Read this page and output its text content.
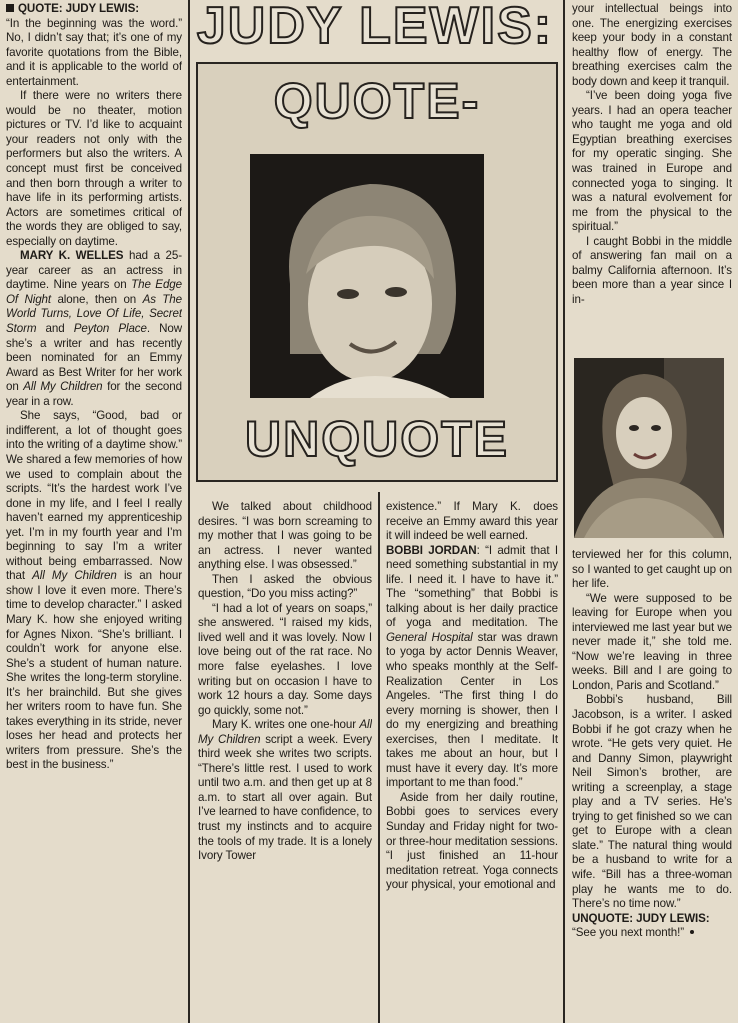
QUOTE: JUDY LEWIS:

“In the beginning was the word.” No, I didn’t say that; it’s one of my favorite quotations from the Bible, and it is applicable to the world of entertainment.

If there were no writers there would be no theater, motion pictures or TV. I’d like to acquaint your readers not only with the performers but also the writers. A concept must first be conceived and then born through a writer to have life in its performing artists. Actors are sometimes critical of the words they are obliged to say, especially on daytime.

MARY K. WELLES had a 25-year career as an actress in daytime. Nine years on The Edge Of Night alone, then on As The World Turns, Love Of Life, Secret Storm and Peyton Place. Now she’s a writer and has recently been nominated for an Emmy Award as Best Writer for her work on All My Children for the second year in a row.

She says, “Good, bad or indifferent, a lot of thought goes into the writing of a daytime show.” We shared a few memories of how we used to complain about the scripts. “It’s the hardest work I’ve done in my life, and I feel I really haven’t earned my apprenticeship yet. I’m in my fourth year and I’m beginning to say I’m a writer without being embarrassed. Now that All My Children is an hour show I love it even more. There’s time to develop character.” I asked Mary K. how she enjoyed writing for Agnes Nixon. “She’s brilliant. I couldn’t work for anyone else. She’s a student of human nature. She writes the long-term storyline. It’s her brainchild. But she gives her writers room to have fun. She takes everything in its stride, never loses her head and protects her writers from pressure. She’s the best in the business.”

JUDY LEWIS:
QUOTE-
UNQUOTE

We talked about childhood desires. “I was born screaming to my mother that I was going to be an actress. I never wanted anything else. I was obsessed.”

Then I asked the obvious question, “Do you miss acting?”

“I had a lot of years on soaps,” she answered. “I raised my kids, lived well and it was lovely. Now I love being out of the rat race. No more false eyelashes. I love writing but on occasion I have to work 12 hours a day. Some days go quickly, some not.”

Mary K. writes one one-hour All My Children script a week. Every third week she writes two scripts. “There’s little rest. I used to work until two a.m. and then get up at 8 a.m. to start all over again. But I’ve learned to have confidence, to trust my instincts and to acquire the tools of my trade. It is a lonely Ivory Tower

existence.” If Mary K. does receive an Emmy award this year it will indeed be well earned.

BOBBI JORDAN: “I admit that I need something substantial in my life. I need it. I have to have it.” The “something” that Bobbi is talking about is her daily practice of yoga and meditation. The General Hospital star was drawn to yoga by actor Dennis Weaver, who speaks monthly at the Self-Realization Center in Los Angeles. “The first thing I do every morning is shower, then I do my energizing and breathing exercises, then I meditate. It takes me about an hour, but I must have it every day. It’s more important to me than food.”

Aside from her daily routine, Bobbi goes to services every Sunday and Friday night for two- or three-hour meditation sessions. “I just finished an 11-hour meditation retreat. Yoga connects your physical, your emotional and

your intellectual beings into one. The energizing exercises keep your body in a constant healthy flow of energy. The breathing exercises calm the body down and keep it tranquil.

“I’ve been doing yoga five years. I had an opera teacher who taught me yoga and old Egyptian breathing exercises for my operatic singing. She was trained in Europe and connected yoga to singing. It was a natural evolvement for me from the physical to the spiritual.”

I caught Bobbi in the middle of answering fan mail on a balmy California afternoon. It’s been more than a year since I in-

terviewed her for this column, so I wanted to get caught up on her life.

“We were supposed to be leaving for Europe when you interviewed me last year but we never made it,” she told me. “Now we’re leaving in three weeks. Bill and I are going to London, Paris and Scotland.”

Bobbi’s husband, Bill Jacobson, is a writer. I asked Bobbi if he got crazy when he wrote. “He gets very quiet. He and Danny Simon, playwright Neil Simon’s brother, are writing a screenplay, a stage play and a TV series. He’s trying to get finished so we can get to Europe with a clean slate.” The natural thing would be a husband to write for a wife. “Bill has a three-woman play he wants me to do. There’s no time now.”

UNQUOTE: JUDY LEWIS:
“See you next month!”
